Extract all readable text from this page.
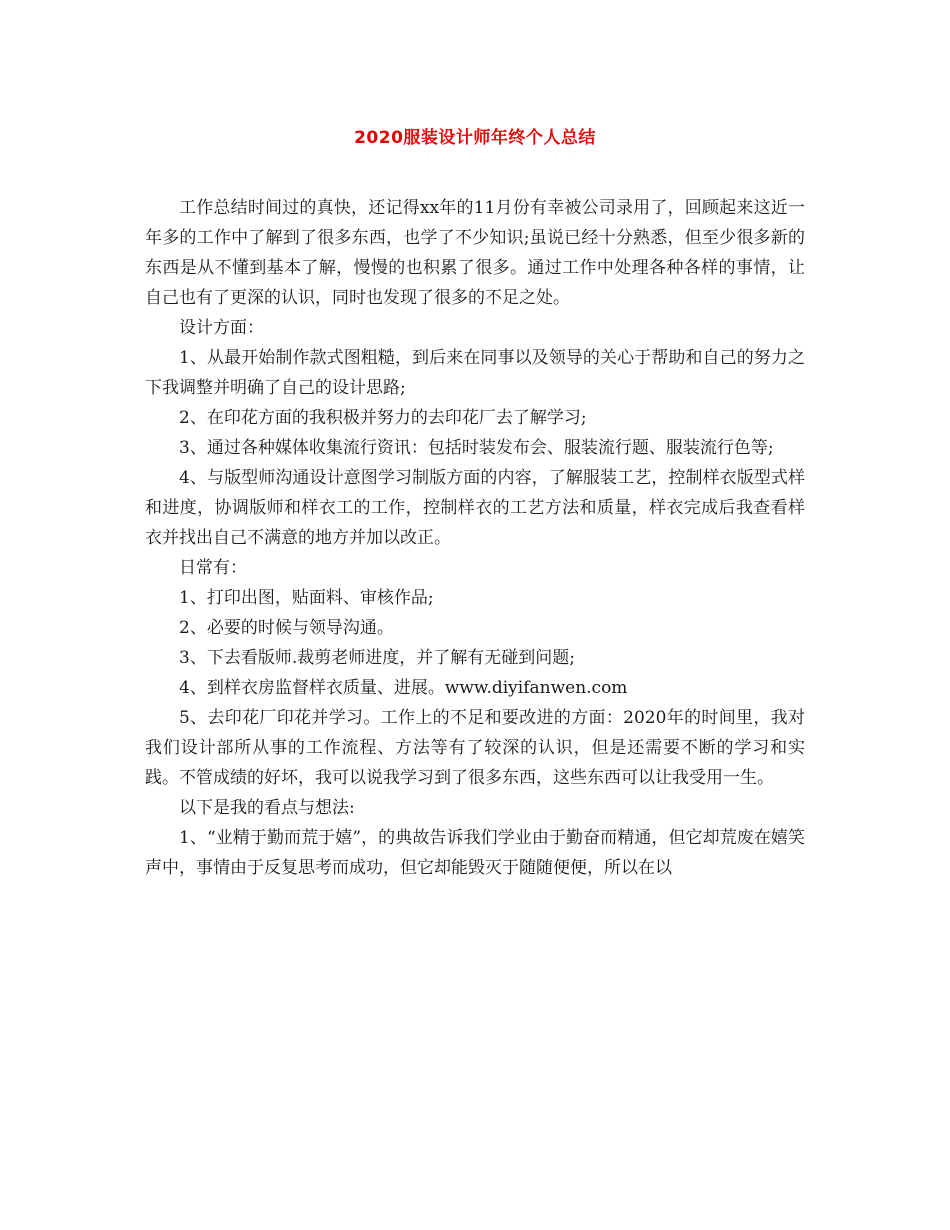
2020服装设计师年终个人总结

工作总结时间过的真快，还记得xx年的11月份有幸被公司录用了，回顾起来这近一年多的工作中了解到了很多东西，也学了不少知识;虽说已经十分熟悉，但至少很多新的东西是从不懂到基本了解，慢慢的也积累了很多。通过工作中处理各种各样的事情，让自己也有了更深的认识，同时也发现了很多的不足之处。

设计方面：

1、从最开始制作款式图粗糙，到后来在同事以及领导的关心于帮助和自己的努力之下我调整并明确了自己的设计思路;

2、在印花方面的我积极并努力的去印花厂去了解学习;

3、通过各种媒体收集流行资讯：包括时装发布会、服装流行题、服装流行色等;

4、与版型师沟通设计意图学习制版方面的内容，了解服装工艺，控制样衣版型式样和进度，协调版师和样衣工的工作，控制样衣的工艺方法和质量，样衣完成后我查看样衣并找出自己不满意的地方并加以改正。

日常有：

1、打印出图，贴面料、审核作品;

2、必要的时候与领导沟通。

3、下去看版师.裁剪老师进度，并了解有无碰到问题;

4、到样衣房监督样衣质量、进展。www.diyifanwen.com

5、去印花厂印花并学习。工作上的不足和要改进的方面：2020年的时间里，我对我们设计部所从事的工作流程、方法等有了较深的认识，但是还需要不断的学习和实践。不管成绩的好坏，我可以说我学习到了很多东西，这些东西可以让我受用一生。

以下是我的看点与想法:

1、“业精于勤而荒于嬉”，的典故告诉我们学业由于勤奋而精通，但它却荒废在嬉笑声中，事情由于反复思考而成功，但它却能毁灭于随随便便，所以在以
